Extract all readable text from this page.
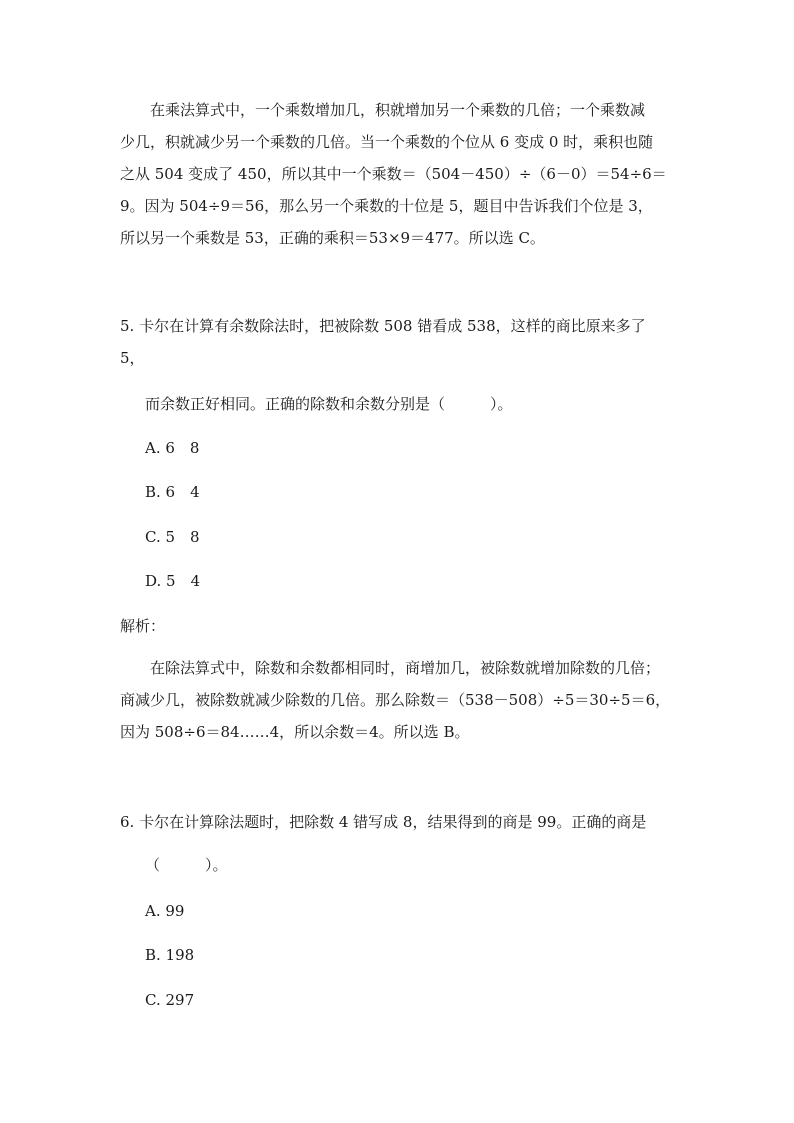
在乘法算式中，一个乘数增加几，积就增加另一个乘数的几倍；一个乘数减
少几，积就减少另一个乘数的几倍。当一个乘数的个位从 6 变成 0 时，乘积也随
之从 504 变成了 450，所以其中一个乘数＝（504－450）÷（6－0）＝54÷6＝
9。因为 504÷9＝56，那么另一个乘数的十位是 5，题目中告诉我们个位是 3，
所以另一个乘数是 53，正确的乘积＝53×9＝477。所以选 C。
5. 卡尔在计算有余数除法时，把被除数 508 错看成 538，这样的商比原来多了
5，
而余数正好相同。正确的除数和余数分别是（　　　）。
A. 6　8
B. 6　4
C. 5　8
D. 5　4
解析：
在除法算式中，除数和余数都相同时，商增加几，被除数就增加除数的几倍；
商减少几，被除数就减少除数的几倍。那么除数＝（538－508）÷5＝30÷5＝6，
因为 508÷6＝84……4，所以余数＝4。所以选 B。
6. 卡尔在计算除法题时，把除数 4 错写成 8，结果得到的商是 99。正确的商是
（　　　）。
A. 99
B. 198
C. 297
